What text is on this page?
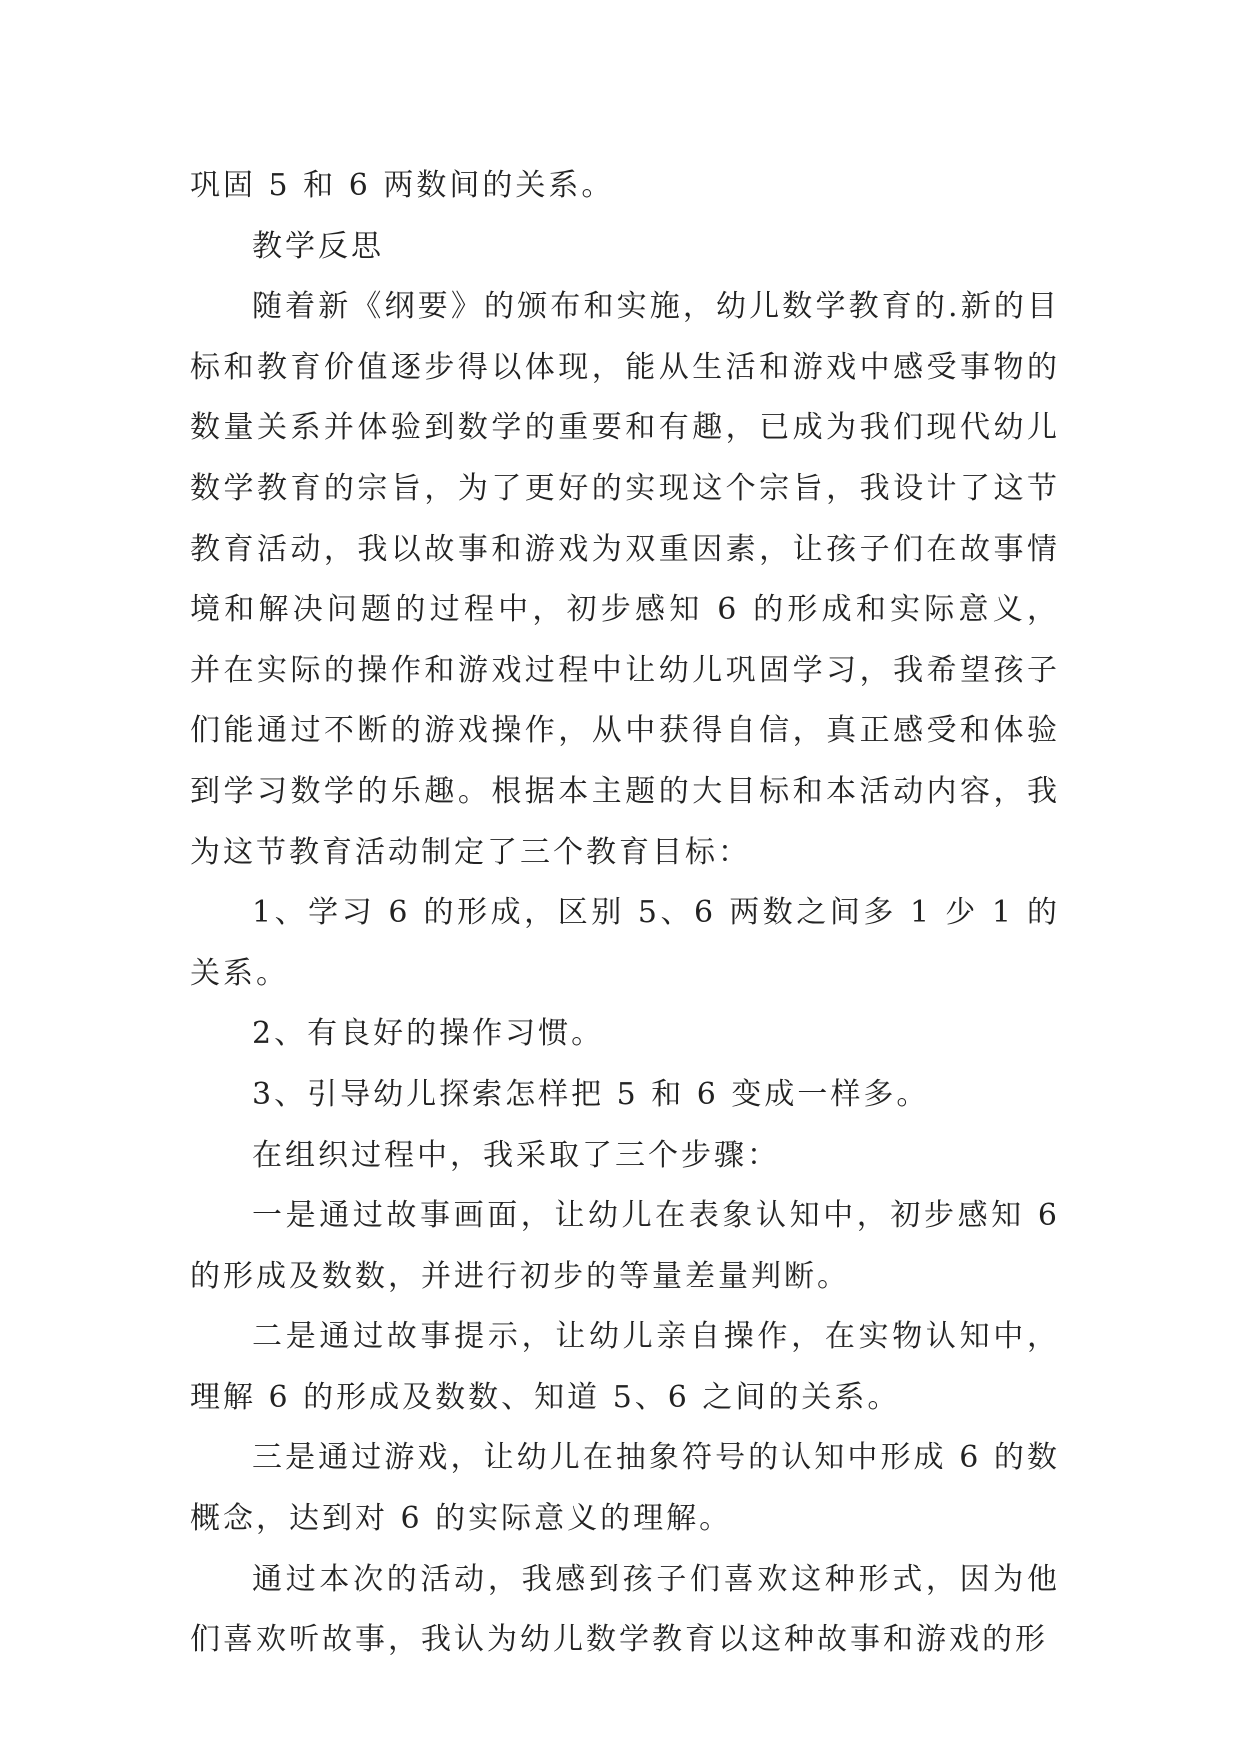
巩固 5 和 6 两数间的关系。

教学反思

随着新《纲要》的颁布和实施，幼儿数学教育的.新的目标和教育价值逐步得以体现，能从生活和游戏中感受事物的数量关系并体验到数学的重要和有趣，已成为我们现代幼儿数学教育的宗旨，为了更好的实现这个宗旨，我设计了这节教育活动，我以故事和游戏为双重因素，让孩子们在故事情境和解决问题的过程中，初步感知 6 的形成和实际意义，并在实际的操作和游戏过程中让幼儿巩固学习，我希望孩子们能通过不断的游戏操作，从中获得自信，真正感受和体验到学习数学的乐趣。根据本主题的大目标和本活动内容，我为这节教育活动制定了三个教育目标：

1、学习 6 的形成，区别 5、6 两数之间多 1 少 1 的关系。

2、有良好的操作习惯。

3、引导幼儿探索怎样把 5 和 6 变成一样多。

在组织过程中，我采取了三个步骤：

一是通过故事画面，让幼儿在表象认知中，初步感知 6 的形成及数数，并进行初步的等量差量判断。

二是通过故事提示，让幼儿亲自操作，在实物认知中，理解 6 的形成及数数、知道 5、6 之间的关系。

三是通过游戏，让幼儿在抽象符号的认知中形成 6 的数概念，达到对 6 的实际意义的理解。

通过本次的活动，我感到孩子们喜欢这种形式，因为他们喜欢听故事，我认为幼儿数学教育以这种故事和游戏的形
